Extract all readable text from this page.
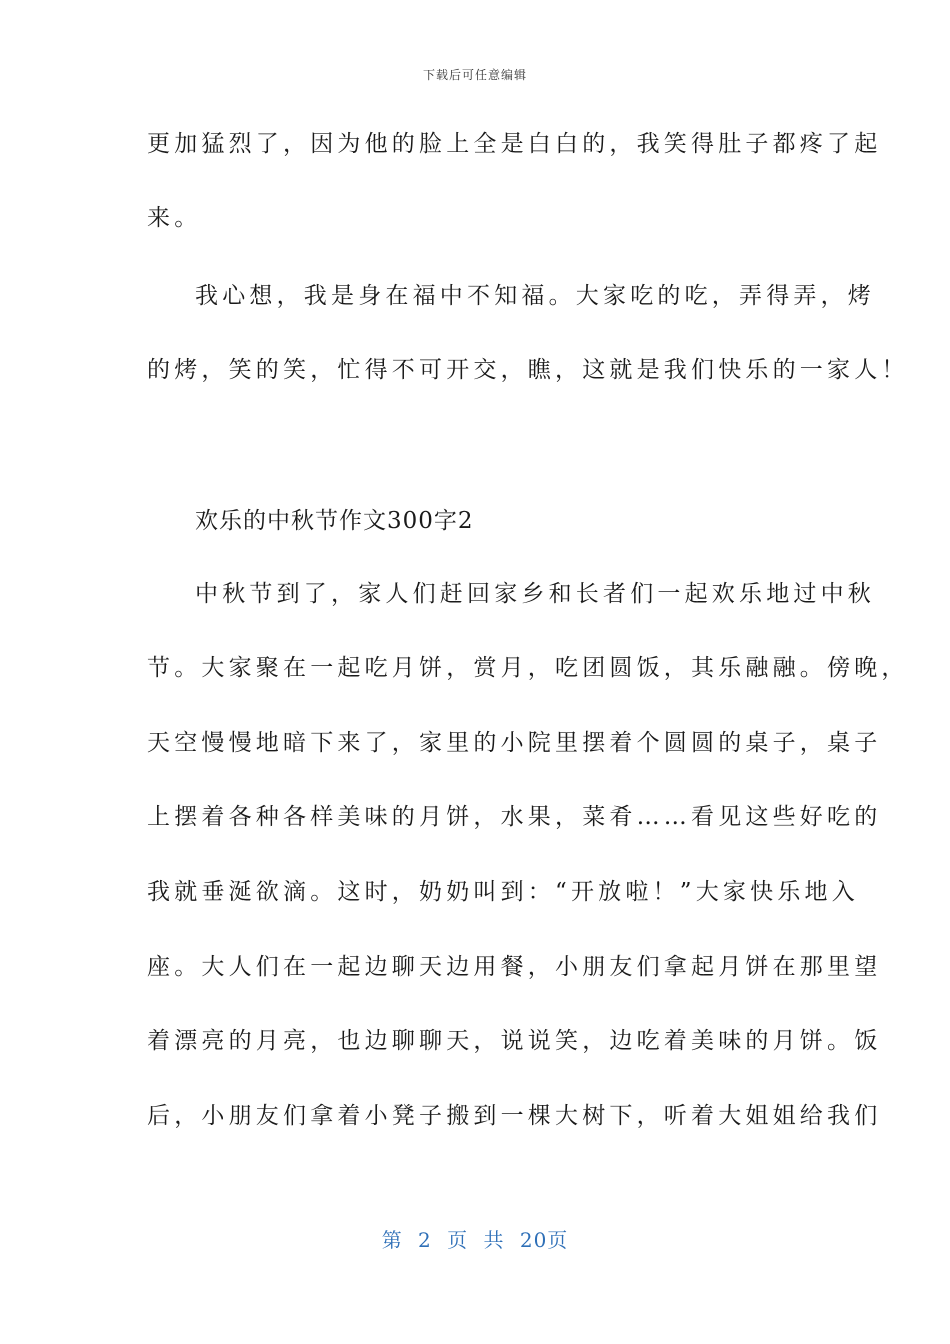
下载后可任意编辑
更加猛烈了，因为他的脸上全是白白的，我笑得肚子都疼了起
来。
我心想，我是身在福中不知福。大家吃的吃，弄得弄，烤
的烤，笑的笑，忙得不可开交，瞧，这就是我们快乐的一家人！
欢乐的中秋节作文300字2
中秋节到了，家人们赶回家乡和长者们一起欢乐地过中秋
节。大家聚在一起吃月饼，赏月，吃团圆饭，其乐融融。傍晚，
天空慢慢地暗下来了，家里的小院里摆着个圆圆的桌子，桌子
上摆着各种各样美味的月饼，水果，菜肴……看见这些好吃的
我就垂涎欲滴。这时，奶奶叫到：“开放啦！”大家快乐地入
座。大人们在一起边聊天边用餐，小朋友们拿起月饼在那里望
着漂亮的月亮，也边聊聊天，说说笑，边吃着美味的月饼。饭
后，小朋友们拿着小凳子搬到一棵大树下，听着大姐姐给我们
第 2 页 共 20页
